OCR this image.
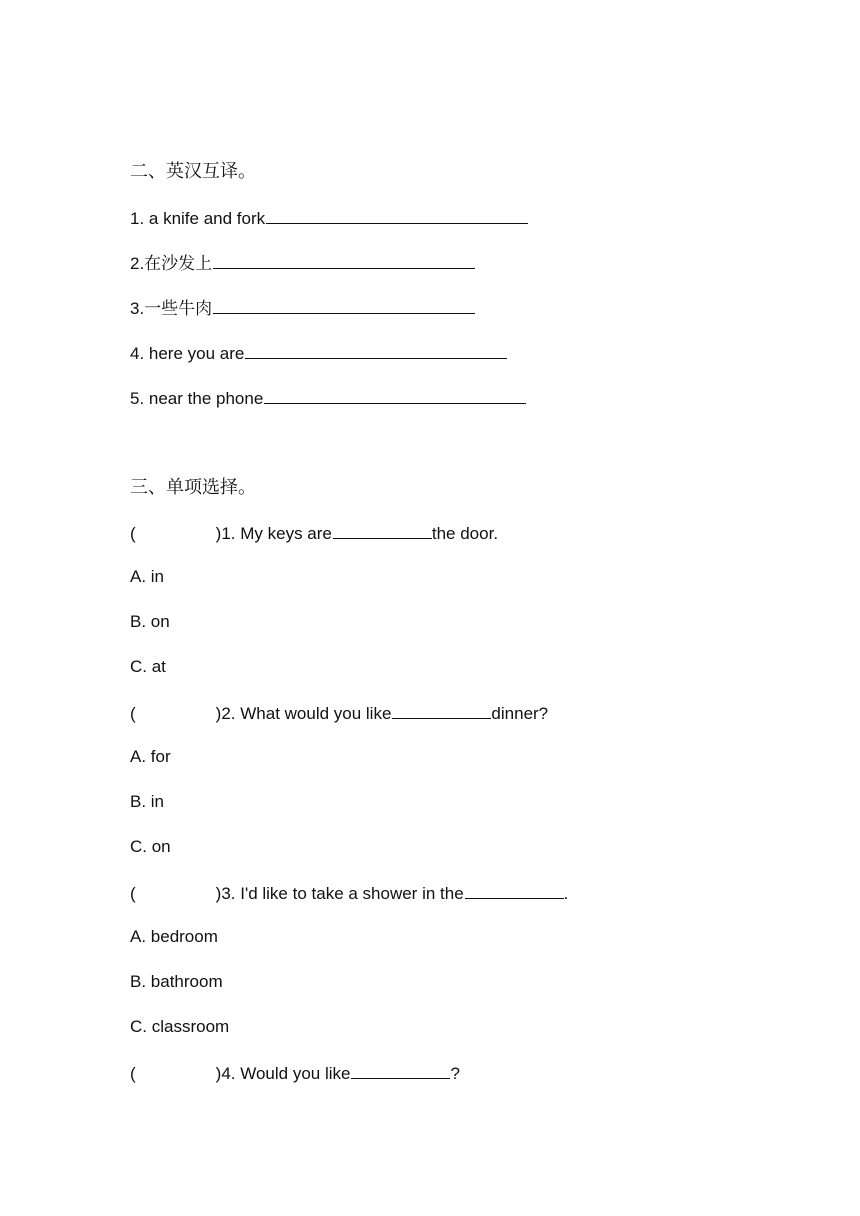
二、英汉互译。
1. a knife and fork
2.在沙发上
3.一些牛肉
4. here you are
5. near the phone
三、单项选择。
(	)1. My keys are	the door.
A. in
B. on
C. at
(	)2. What would you like	dinner?
A. for
B. in
C. on
(	)3. I'd like to take a shower in the	.
A. bedroom
B. bathroom
C. classroom
(	)4. Would you like	?
